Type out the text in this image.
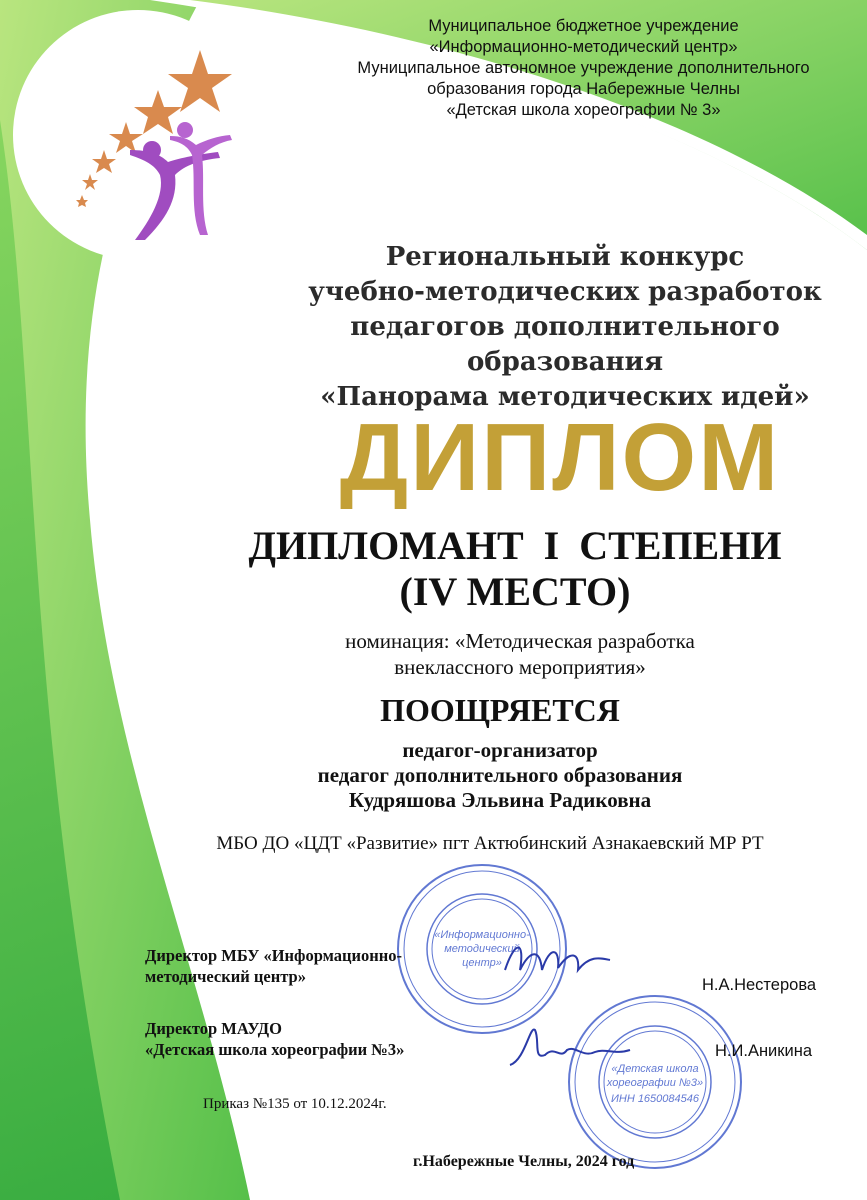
Муниципальное бюджетное учреждение
«Информационно-методический центр»
Муниципальное автономное учреждение дополнительного
образования города Набережные Челны
«Детская школа хореографии № 3»
Региональный конкурс
учебно-методических разработок
педагогов дополнительного образования
«Панорама методических идей»
ДИПЛОМ
ДИПЛОМАНТ  I  СТЕПЕНИ
(IV МЕСТО)
номинация: «Методическая разработка
внеклассного мероприятия»
ПООЩРЯЕТСЯ
педагог-организатор
педагог дополнительного образования
Кудряшова Эльвина Радиковна
МБО ДО «ЦДТ «Развитие» пгт Актюбинский Азнакаевский МР РТ
«Информационно-
методический
центр»
«Детская школа
хореографии №3»
ИНН 1650084546
Директор МБУ «Информационно-
методический центр»	Н.А.Нестерова
Директор МАУДО
«Детская школа хореографии №3»	Н.И.Аникина
Приказ №135 от 10.12.2024г.
г.Набережные Челны, 2024 год
